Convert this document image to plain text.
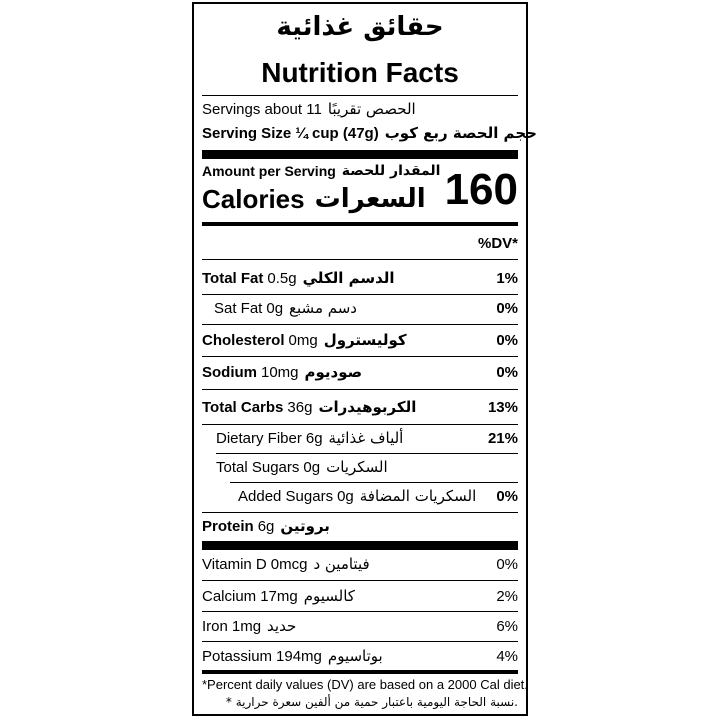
حقائق غذائية
Nutrition Facts
Servings about 11 الحصص تقريبًا
Serving Size ¼ cup (47g) حجم الحصة ربع كوب
Amount per Serving المقدار للحصة
Calories السعرات 160
%DV*
Total Fat 0.5g الدسم الكلي	1%
Sat Fat 0g دسم مشبع	0%
Cholesterol 0mg كوليسترول	0%
Sodium 10mg صوديوم	0%
Total Carbs 36g الكربوهيدرات	13%
Dietary Fiber 6g ألياف غذائية	21%
Total Sugars 0g السكريات
Added Sugars 0g السكريات المضافة 0%
Protein 6g بروتين
Vitamin D 0mcg فيتامين د	0%
Calcium 17mg كالسيوم	2%
Iron 1mg حديد	6%
Potassium 194mg بوتاسيوم	4%
*Percent daily values (DV) are based on a 2000 Cal diet.
* نسبة الحاجة اليومية باعتبار حمية من ألفين سعرة حرارية.
